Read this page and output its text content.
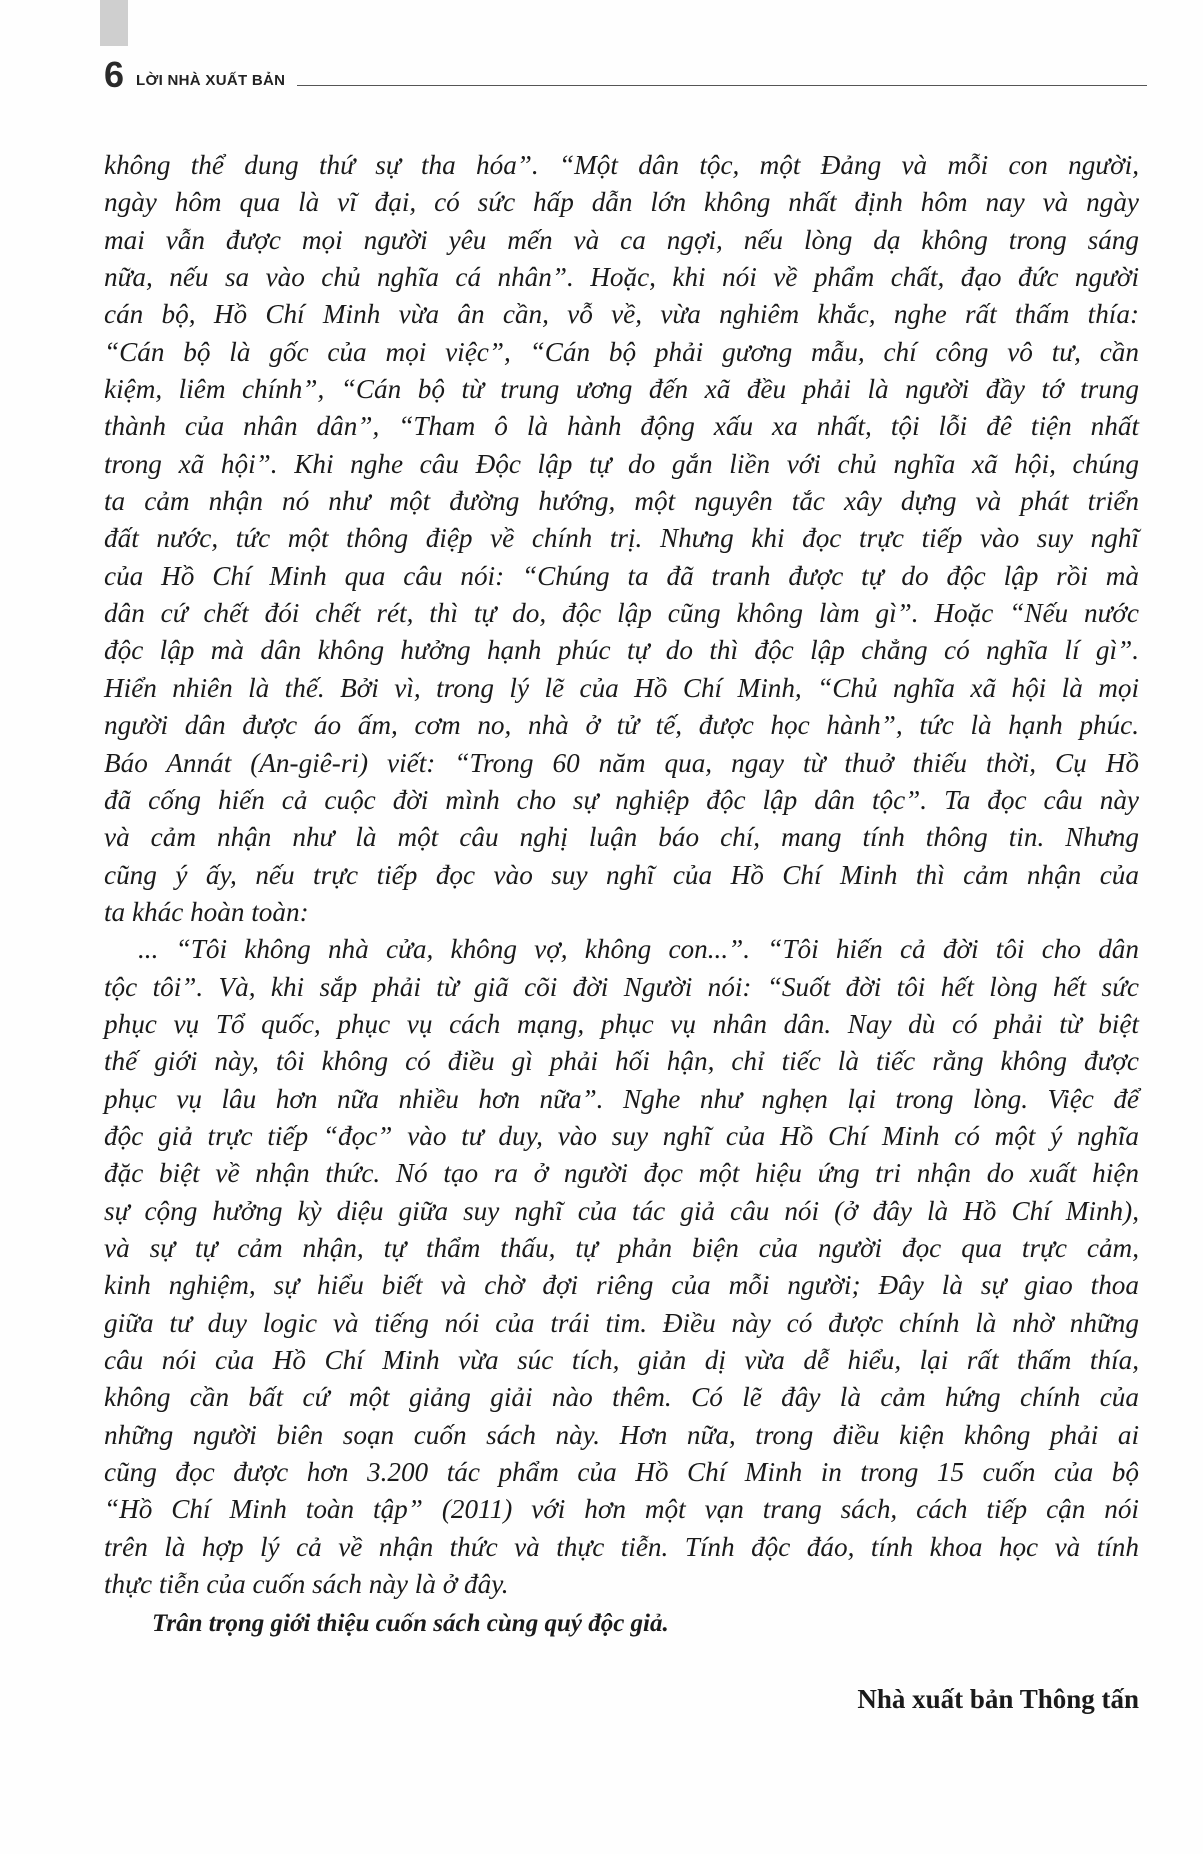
6 LỜI NHÀ XUẤT BẢN
không thể dung thứ sự tha hóa”. “Một dân tộc, một Đảng và mỗi con người,
ngày hôm qua là vĩ đại, có sức hấp dẫn lớn không nhất định hôm nay và ngày
mai vẫn được mọi người yêu mến và ca ngợi, nếu lòng dạ không trong sáng
nữa, nếu sa vào chủ nghĩa cá nhân”. Hoặc, khi nói về phẩm chất, đạo đức người
cán bộ, Hồ Chí Minh vừa ân cần, vỗ về, vừa nghiêm khắc, nghe rất thấm thía:
“Cán bộ là gốc của mọi việc”, “Cán bộ phải gương mẫu, chí công vô tư, cần
kiệm, liêm chính”, “Cán bộ từ trung ương đến xã đều phải là người đầy tớ trung
thành của nhân dân”, “Tham ô là hành động xấu xa nhất, tội lỗi đê tiện nhất
trong xã hội”. Khi nghe câu Độc lập tự do gắn liền với chủ nghĩa xã hội, chúng
ta cảm nhận nó như một đường hướng, một nguyên tắc xây dựng và phát triển
đất nước, tức một thông điệp về chính trị. Nhưng khi đọc trực tiếp vào suy nghĩ
của Hồ Chí Minh qua câu nói: “Chúng ta đã tranh được tự do độc lập rồi mà
dân cứ chết đói chết rét, thì tự do, độc lập cũng không làm gì”. Hoặc “Nếu nước
độc lập mà dân không hưởng hạnh phúc tự do thì độc lập chẳng có nghĩa lí gì”.
Hiển nhiên là thế. Bởi vì, trong lý lẽ của Hồ Chí Minh, “Chủ nghĩa xã hội là mọi
người dân được áo ấm, cơm no, nhà ở tử tế, được học hành”, tức là hạnh phúc.
Báo Annát (An-giê-ri) viết: “Trong 60 năm qua, ngay từ thuở thiếu thời, Cụ Hồ
đã cống hiến cả cuộc đời mình cho sự nghiệp độc lập dân tộc”. Ta đọc câu này
và cảm nhận như là một câu nghị luận báo chí, mang tính thông tin. Nhưng
cũng ý ấy, nếu trực tiếp đọc vào suy nghĩ của Hồ Chí Minh thì cảm nhận của
ta khác hoàn toàn:
... “Tôi không nhà cửa, không vợ, không con...”. “Tôi hiến cả đời tôi cho dân
tộc tôi”. Và, khi sắp phải từ giã cõi đời Người nói: “Suốt đời tôi hết lòng hết sức
phục vụ Tổ quốc, phục vụ cách mạng, phục vụ nhân dân. Nay dù có phải từ biệt
thế giới này, tôi không có điều gì phải hối hận, chỉ tiếc là tiếc rằng không được
phục vụ lâu hơn nữa nhiều hơn nữa”. Nghe như nghẹn lại trong lòng. Việc để
độc giả trực tiếp “đọc” vào tư duy, vào suy nghĩ của Hồ Chí Minh có một ý nghĩa
đặc biệt về nhận thức. Nó tạo ra ở người đọc một hiệu ứng tri nhận do xuất hiện
sự cộng hưởng kỳ diệu giữa suy nghĩ của tác giả câu nói (ở đây là Hồ Chí Minh),
và sự tự cảm nhận, tự thẩm thấu, tự phản biện của người đọc qua trực cảm,
kinh nghiệm, sự hiểu biết và chờ đợi riêng của mỗi người; Đây là sự giao thoa
giữa tư duy logic và tiếng nói của trái tim. Điều này có được chính là nhờ những
câu nói của Hồ Chí Minh vừa súc tích, giản dị vừa dễ hiểu, lại rất thấm thía,
không cần bất cứ một giảng giải nào thêm. Có lẽ đây là cảm hứng chính của
những người biên soạn cuốn sách này. Hơn nữa, trong điều kiện không phải ai
cũng đọc được hơn 3.200 tác phẩm của Hồ Chí Minh in trong 15 cuốn của bộ
“Hồ Chí Minh toàn tập” (2011) với hơn một vạn trang sách, cách tiếp cận nói
trên là hợp lý cả về nhận thức và thực tiễn. Tính độc đáo, tính khoa học và tính
thực tiễn của cuốn sách này là ở đây.
Trân trọng giới thiệu cuốn sách cùng quý độc giả.
Nhà xuất bản Thông tấn
